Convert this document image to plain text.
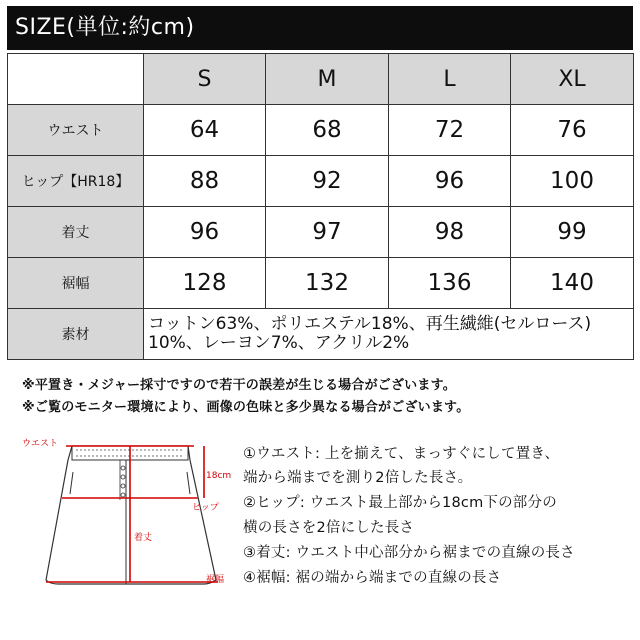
SIZE(単位:約cm)
	S	M	L	XL
ウエスト	64	68	72	76
ヒップ【HR18】	88	92	96	100
着丈	96	97	98	99
裾幅	128	132	136	140
素材	コットン63%、ポリエステル18%、再生繊維(セルロース)
10%、レーヨン7%、アクリル2%			
※平置き・メジャー採寸ですので若干の誤差が生じる場合がございます。
※ご覧のモニター環境により、画像の色味と多少異なる場合がございます。
ウエスト
18cm
ヒップ
着丈
裾幅
①ウエスト: 上を揃えて、まっすぐにして置き、
端から端までを測り2倍した長さ。
②ヒップ: ウエスト最上部から18cm下の部分の
横の長さを2倍にした長さ
③着丈: ウエスト中心部分から裾までの直線の長さ
④裾幅: 裾の端から端までの直線の長さ
